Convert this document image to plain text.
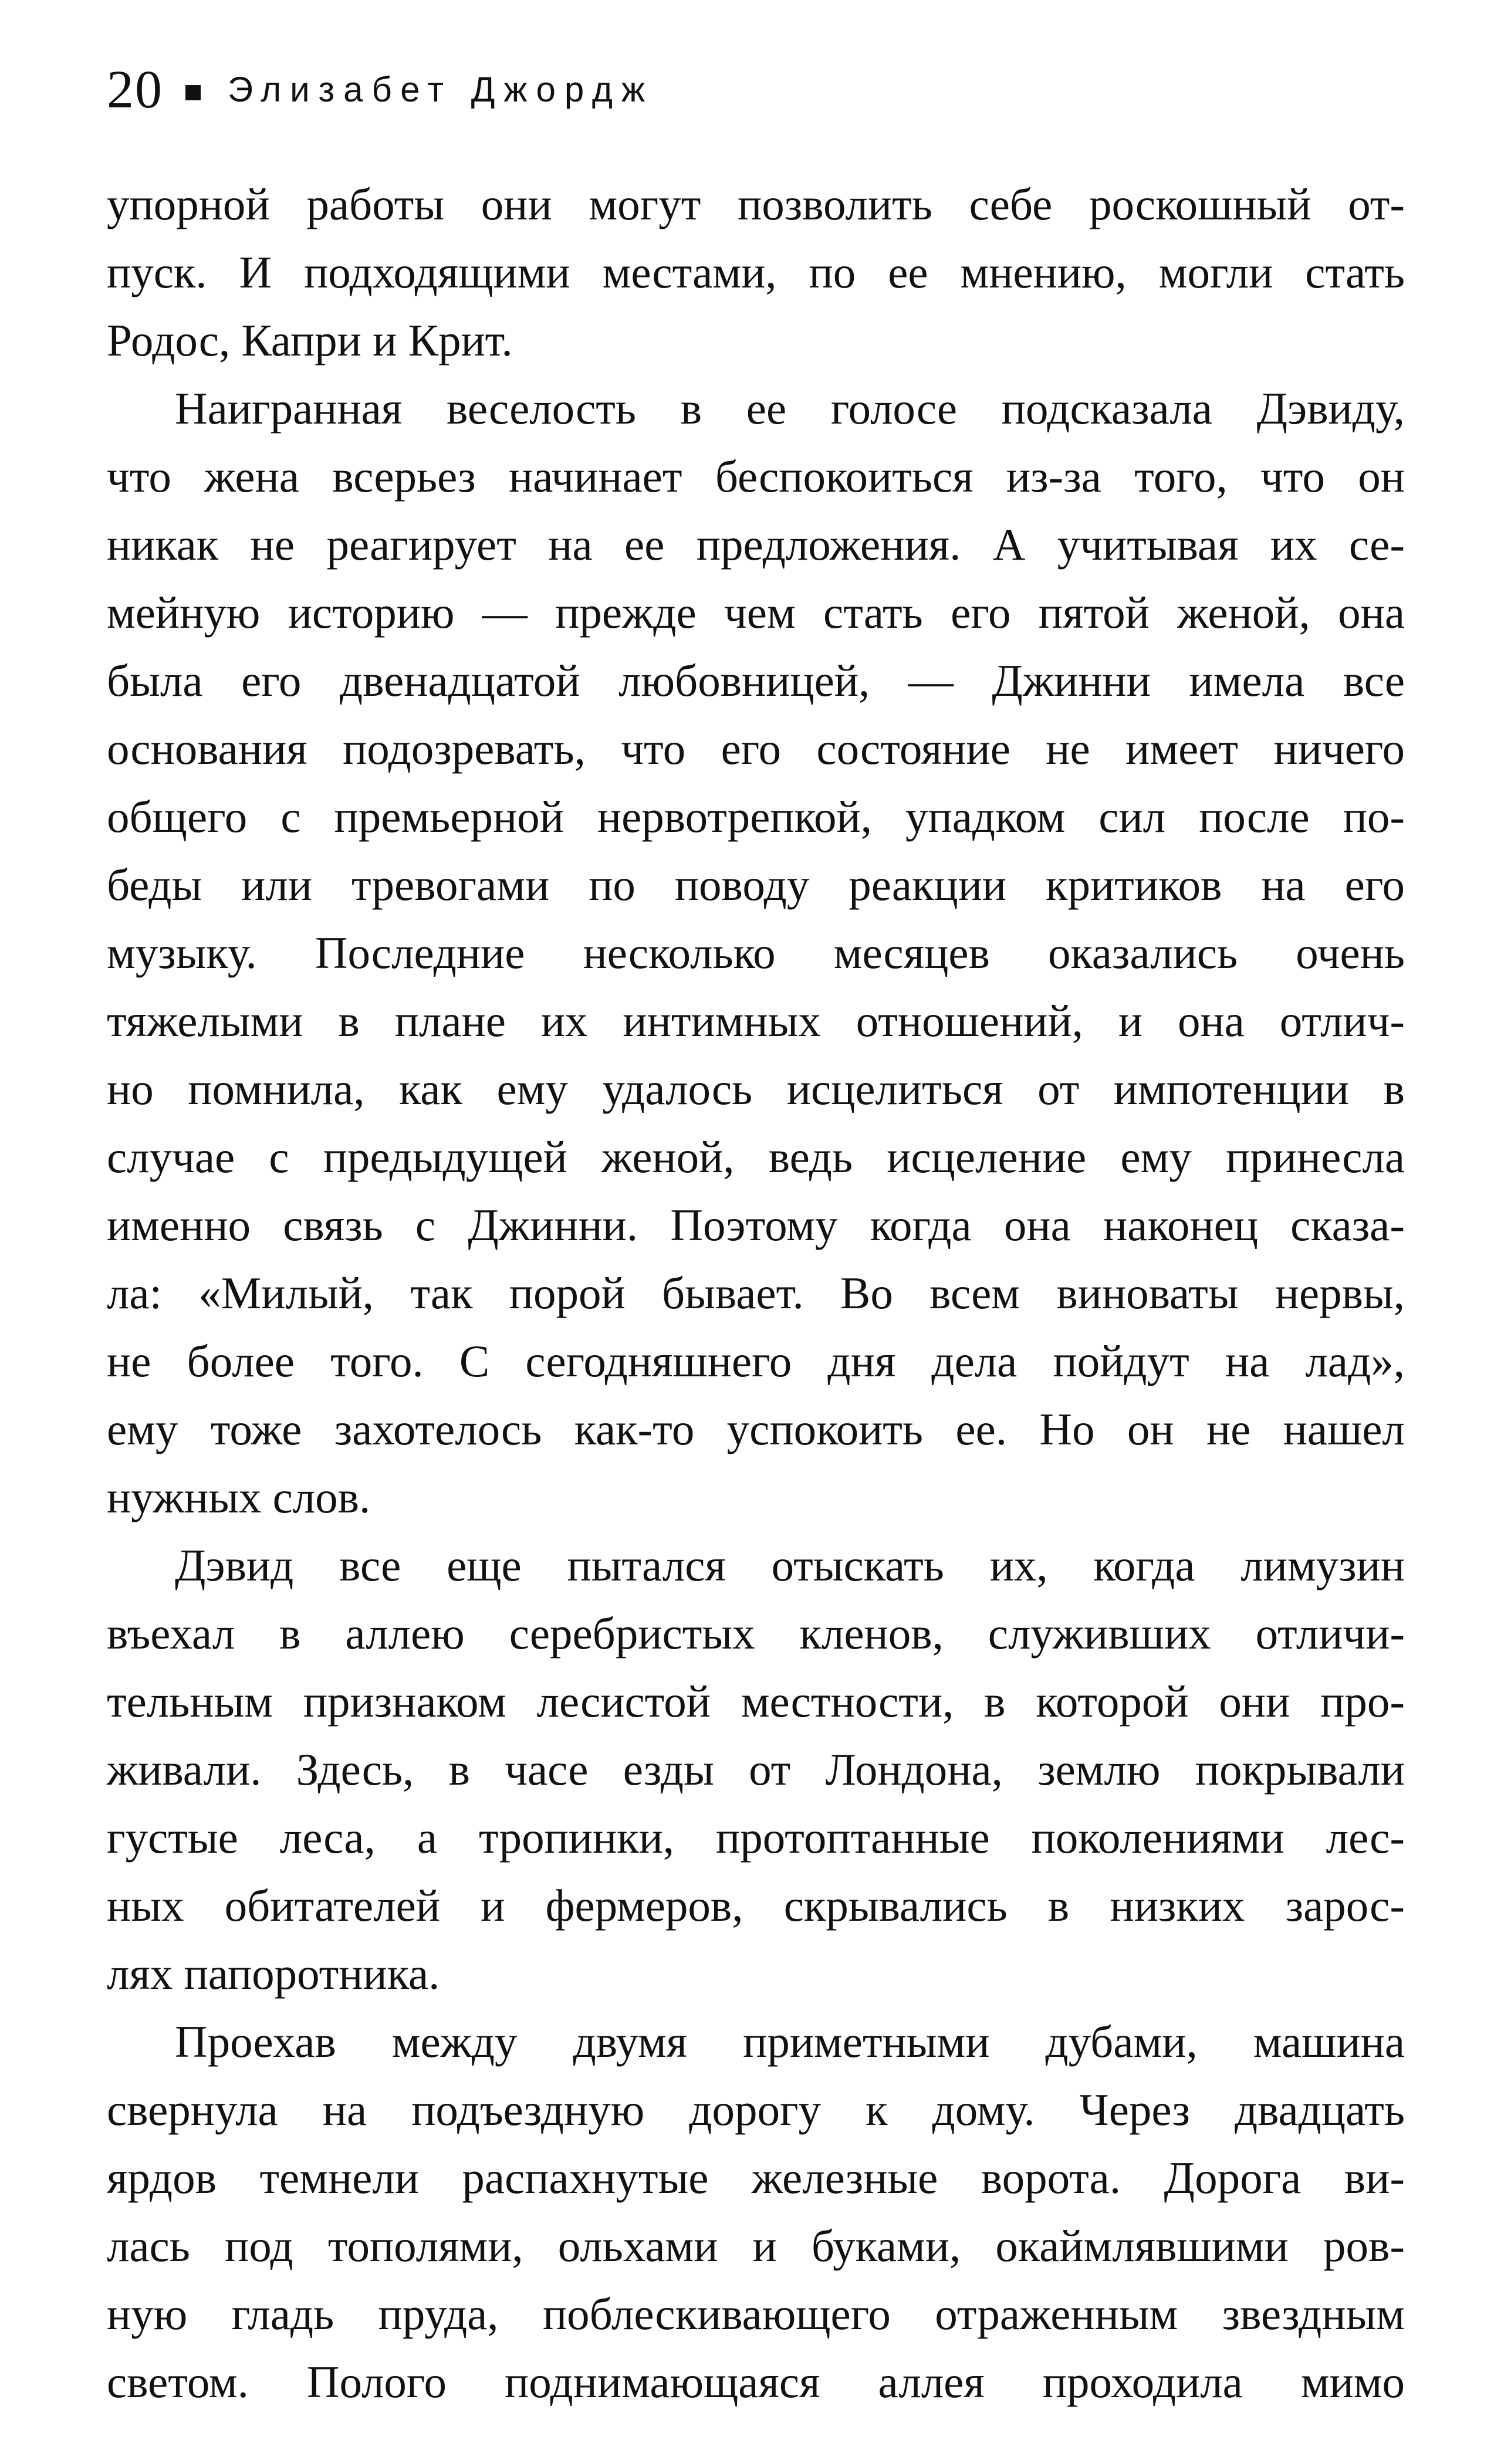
20 Элизабет Джордж
упорной работы они могут позволить себе роскошный от-
пуск. И подходящими местами, по ее мнению, могли стать
Родос, Капри и Крит.
Наигранная веселость в ее голосе подсказала Дэвиду,
что жена всерьез начинает беспокоиться из-за того, что он
никак не реагирует на ее предложения. А учитывая их се-
мейную историю — прежде чем стать его пятой женой, она
была его двенадцатой любовницей, — Джинни имела все
основания подозревать, что его состояние не имеет ничего
общего с премьерной нервотрепкой, упадком сил после по-
беды или тревогами по поводу реакции критиков на его
музыку. Последние несколько месяцев оказались очень
тяжелыми в плане их интимных отношений, и она отлич-
но помнила, как ему удалось исцелиться от импотенции в
случае с предыдущей женой, ведь исцеление ему принесла
именно связь с Джинни. Поэтому когда она наконец сказа-
ла: «Милый, так порой бывает. Во всем виноваты нервы,
не более того. С сегодняшнего дня дела пойдут на лад»,
ему тоже захотелось как-то успокоить ее. Но он не нашел
нужных слов.
Дэвид все еще пытался отыскать их, когда лимузин
въехал в аллею серебристых кленов, служивших отличи-
тельным признаком лесистой местности, в которой они про-
живали. Здесь, в часе езды от Лондона, землю покрывали
густые леса, а тропинки, протоптанные поколениями лес-
ных обитателей и фермеров, скрывались в низких зарос-
лях папоротника.
Проехав между двумя приметными дубами, машина
свернула на подъездную дорогу к дому. Через двадцать
ярдов темнели распахнутые железные ворота. Дорога ви-
лась под тополями, ольхами и буками, окаймлявшими ров-
ную гладь пруда, поблескивающего отраженным звездным
светом. Полого поднимающаяся аллея проходила мимо
